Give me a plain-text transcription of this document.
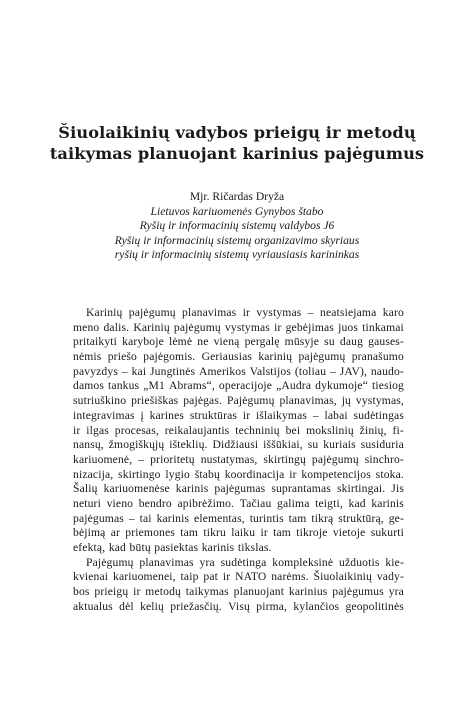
Šiuolaikinių vadybos prieigų ir metodų
taikymas planuojant karinius pajėgumus
Mjr. Ričardas Dryža
Lietuvos kariuomenės Gynybos štabo
Ryšių ir informacinių sistemų valdybos J6
Ryšių ir informacinių sistemų organizavimo skyriaus
ryšių ir informacinių sistemų vyriausiasis karininkas
Karinių pajėgumų planavimas ir vystymas – neatsiejama karo
meno dalis. Karinių pajėgumų vystymas ir gebėjimas juos tinkamai
pritaikyti karyboje lėmė ne vieną pergalę mūsyje su daug gauses-
nėmis priešo pajėgomis. Geriausias karinių pajėgumų pranašumo
pavyzdys – kai Jungtinės Amerikos Valstijos (toliau – JAV), naudo-
damos tankus „M1 Abrams“, operacijoje „Audra dykumoje“ tiesiog
sutriuškino priešiškas pajėgas. Pajėgumų planavimas, jų vystymas,
integravimas į karines struktūras ir išlaikymas – labai sudėtingas
ir ilgas procesas, reikalaujantis techninių bei mokslinių žinių, fi-
nansų, žmogiškųjų išteklių. Didžiausi iššūkiai, su kuriais susiduria
kariuomenė, – prioritetų nustatymas, skirtingų pajėgumų sinchro-
nizacija, skirtingo lygio štabų koordinacija ir kompetencijos stoka.
Šalių kariuomenėse karinis pajėgumas suprantamas skirtingai. Jis
neturi vieno bendro apibrėžimo. Tačiau galima teigti, kad karinis
pajėgumas – tai karinis elementas, turintis tam tikrą struktūrą, ge-
bėjimą ar priemones tam tikru laiku ir tam tikroje vietoje sukurti
efektą, kad būtų pasiektas karinis tikslas.
Pajėgumų planavimas yra sudėtinga kompleksinė užduotis kie-
kvienai kariuomenei, taip pat ir NATO narėms. Šiuolaikinių vady-
bos prieigų ir metodų taikymas planuojant karinius pajėgumus yra
aktualus dėl kelių priežasčių. Visų pirma, kylančios geopolitinės
